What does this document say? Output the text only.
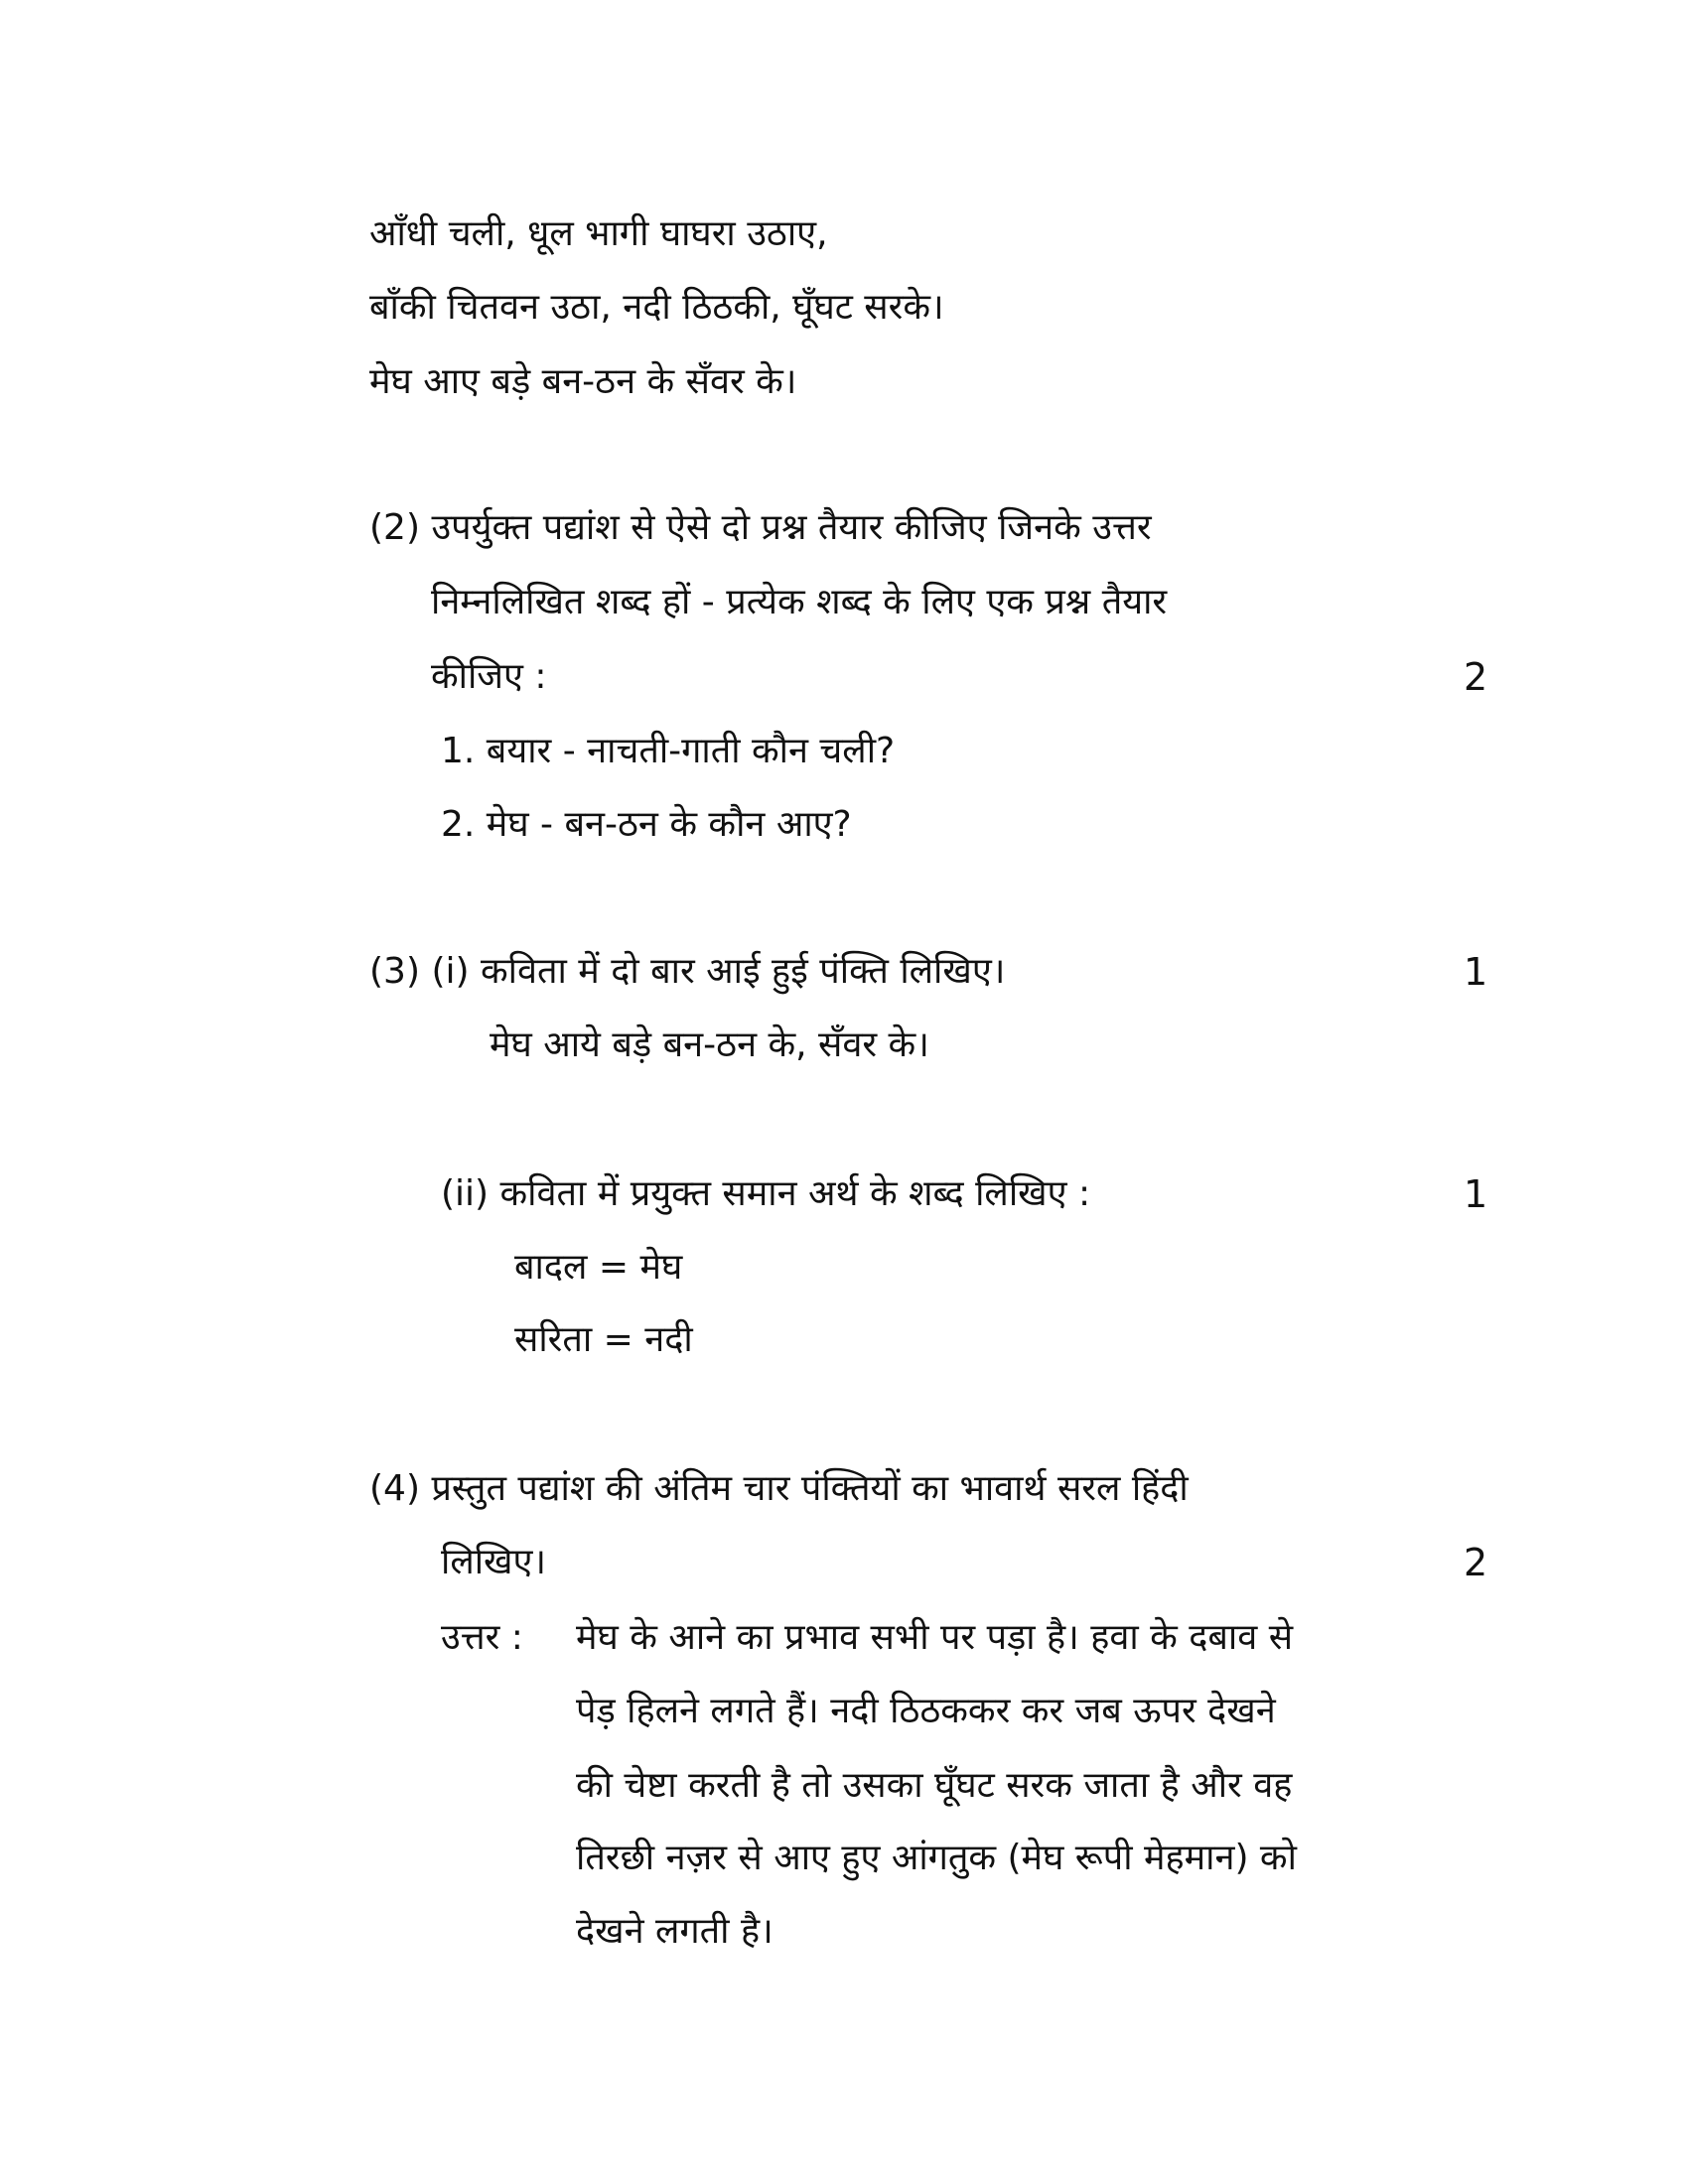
आँधी चली, धूल भागी घाघरा उठाए,
बाँकी चितवन उठा, नदी ठिठकी, घूँघट सरके।
मेघ आए बड़े बन-ठन के सँवर के।
(2) उपर्युक्त पद्यांश से ऐसे दो प्रश्न तैयार कीजिए जिनके उत्तर
निम्नलिखित शब्द हों - प्रत्येक शब्द के लिए एक प्रश्न तैयार
कीजिए :	2
1. बयार - नाचती-गाती कौन चली?
2. मेघ - बन-ठन के कौन आए?
(3) (i) कविता में दो बार आई हुई पंक्ति लिखिए।	1
मेघ आये बड़े बन-ठन के, सँवर के।
(ii) कविता में प्रयुक्त समान अर्थ के शब्द लिखिए :	1
बादल = मेघ
सरिता = नदी
(4) प्रस्तुत पद्यांश की अंतिम चार पंक्तियों का भावार्थ सरल हिंदी
लिखिए।	2
उत्तर : मेघ के आने का प्रभाव सभी पर पड़ा है। हवा के दबाव से
पेड़ हिलने लगते हैं। नदी ठिठककर कर जब ऊपर देखने
की चेष्टा करती है तो उसका घूँघट सरक जाता है और वह
तिरछी नज़र से आए हुए आंगतुक (मेघ रूपी मेहमान) को
देखने लगती है।
